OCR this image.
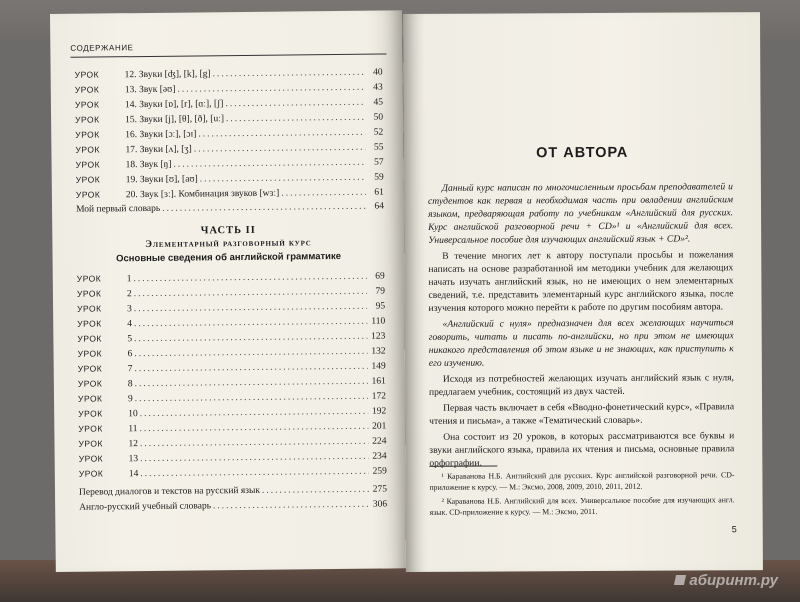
СОДЕРЖАНИЕ
УРОК	12. Звуки [ʤ], [k], [g] .....	40
УРОК	13. Звук [əʊ] .....	43
УРОК	14. Звуки [ɒ], [r], [ɑː], [ʃ] .....	45
УРОК	15. Звуки [j], [θ], [ð], [uː] .....	50
УРОК	16. Звуки [ɔː], [ɔɪ] .....	52
УРОК	17. Звуки [ʌ], [ʒ] .....	55
УРОК	18. Звук [ŋ] .....	57
УРОК	19. Звуки [ʊ], [aʊ] .....	59
УРОК	20. Звук [ɜː]. Комбинация звуков [wɜː] .....	61
Мой первый словарь .....	64
ЧАСТЬ II
Элементарный разговорный курс
Основные сведения об английской грамматике
УРОК	1 .....	69
УРОК	2 .....	79
УРОК	3 .....	95
УРОК	4 .....	110
УРОК	5 .....	123
УРОК	6 .....	132
УРОК	7 .....	149
УРОК	8 .....	161
УРОК	9 .....	172
УРОК	10 .....	192
УРОК	11 .....	201
УРОК	12 .....	224
УРОК	13 .....	234
УРОК	14 .....	259
Перевод диалогов и текстов на русский язык .....	275
Англо-русский учебный словарь .....	306
ОТ АВТОРА

Данный курс написан по многочисленным просьбам преподавателей и студентов как первая и необходимая часть при овладении английским языком, предваряющая работу по учебникам «Английский для русских. Курс английской разговорной речи + CD»¹ и «Английский для всех. Универсальное пособие для изучающих английский язык + CD»².

В течение многих лет к автору поступали просьбы и пожелания написать на основе разработанной им методики учебник для желающих начать изучать английский язык, но не имеющих о нем элементарных сведений, т.е. представить элементарный курс английского языка, после изучения которого можно перейти к работе по другим пособиям автора.

«Английский с нуля» предназначен для всех желающих научиться говорить, читать и писать по-английски, но при этом не имеющих никакого представления об этом языке и не знающих, как приступить к его изучению.

Исходя из потребностей желающих изучать английский язык с нуля, предлагаем учебник, состоящий из двух частей.

Первая часть включает в себя «Вводно-фонетический курс», «Правила чтения и письма», а также «Тематический словарь».

Она состоит из 20 уроков, в которых рассматриваются все буквы и звуки английского языка, правила их чтения и письма, основные правила орфографии.

¹ Караванова Н.Б. Английский для русских. Курс английской разговорной речи. CD-приложение к курсу. — М.: Эксмо, 2008, 2009, 2010, 2011, 2012.

² Караванова Н.Б. Английский для всех. Универсальное пособие для изучающих англ. язык. CD-приложение к курсу. — М.: Эксмо, 2011.

5
абиринт.ру
